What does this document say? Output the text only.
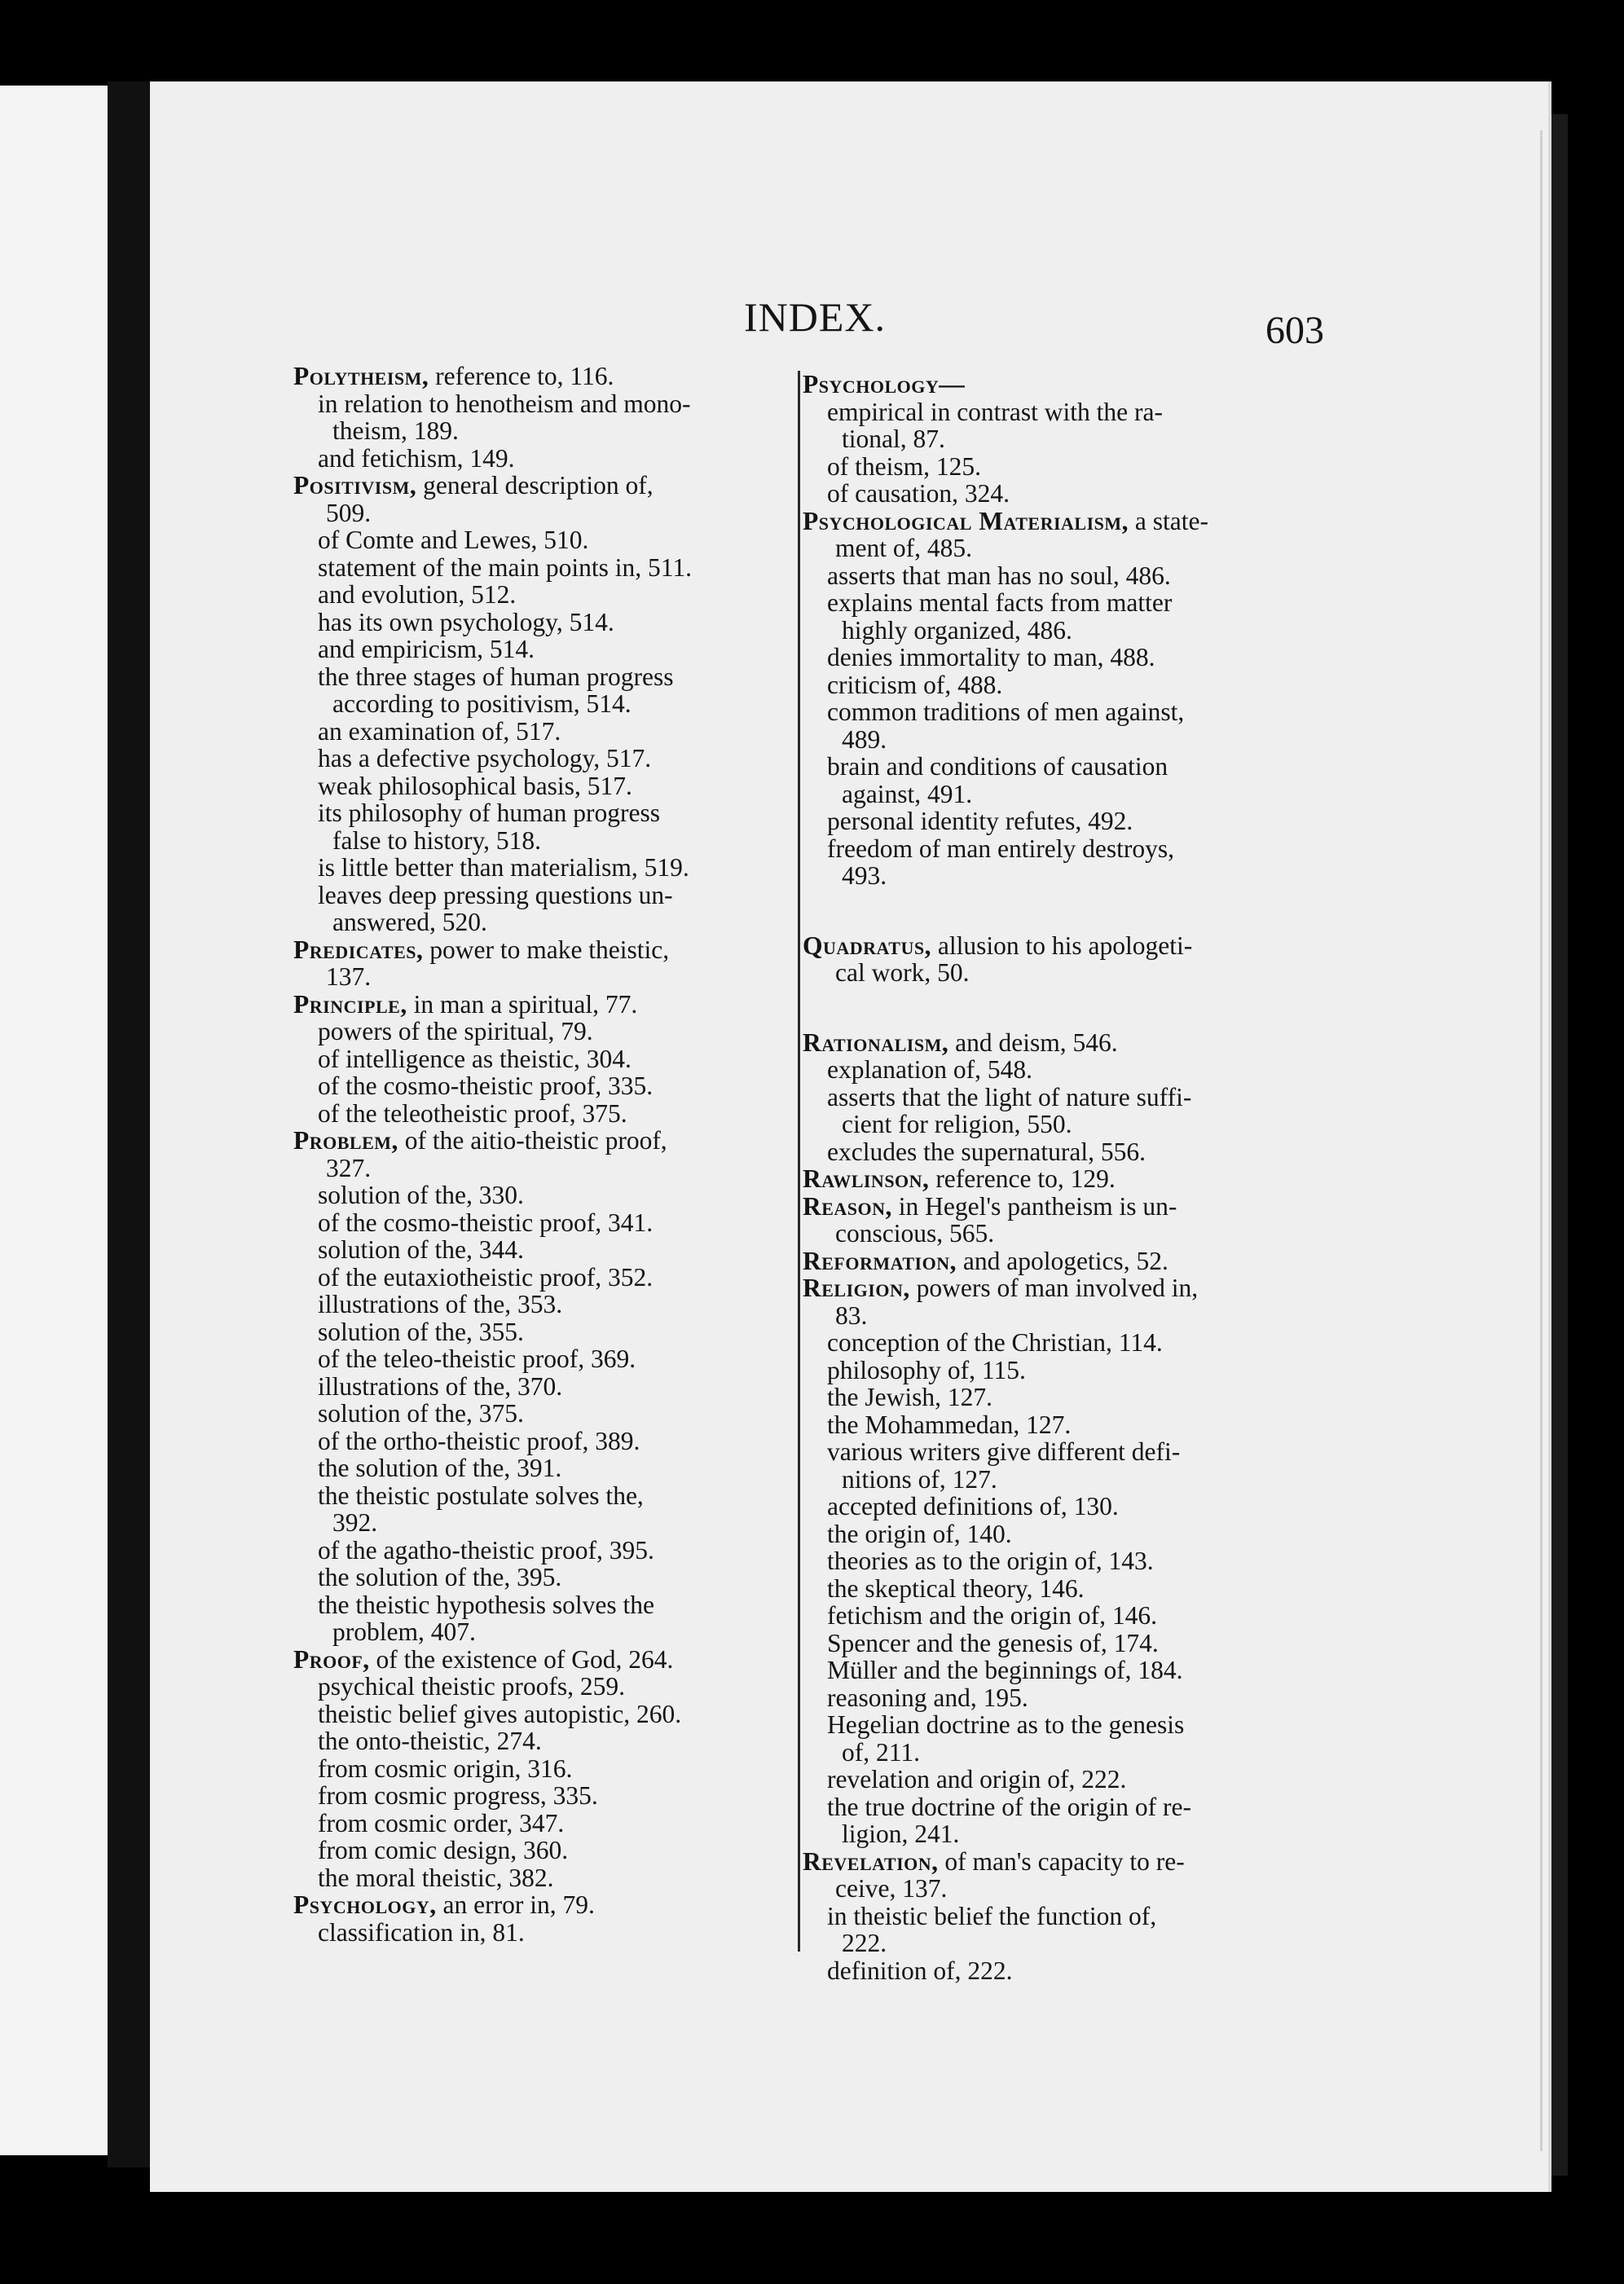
INDEX.	603
Polytheism, reference to, 116.
in relation to henotheism and mono-
theism, 189.
and fetichism, 149.
Positivism, general description of,
509.
of Comte and Lewes, 510.
statement of the main points in, 511.
and evolution, 512.
has its own psychology, 514.
and empiricism, 514.
the three stages of human progress
according to positivism, 514.
an examination of, 517.
has a defective psychology, 517.
weak philosophical basis, 517.
its philosophy of human progress
false to history, 518.
is little better than materialism, 519.
leaves deep pressing questions un-
answered, 520.
Predicates, power to make theistic,
137.
Principle, in man a spiritual, 77.
powers of the spiritual, 79.
of intelligence as theistic, 304.
of the cosmo-theistic proof, 335.
of the teleotheistic proof, 375.
Problem, of the aitio-theistic proof,
327.
solution of the, 330.
of the cosmo-theistic proof, 341.
solution of the, 344.
of the eutaxiotheistic proof, 352.
illustrations of the, 353.
solution of the, 355.
of the teleo-theistic proof, 369.
illustrations of the, 370.
solution of the, 375.
of the ortho-theistic proof, 389.
the solution of the, 391.
the theistic postulate solves the,
392.
of the agatho-theistic proof, 395.
the solution of the, 395.
the theistic hypothesis solves the
problem, 407.
Proof, of the existence of God, 264.
psychical theistic proofs, 259.
theistic belief gives autopistic, 260.
the onto-theistic, 274.
from cosmic origin, 316.
from cosmic progress, 335.
from cosmic order, 347.
from comic design, 360.
the moral theistic, 382.
Psychology, an error in, 79.
classification in, 81.
Psychology—
empirical in contrast with the ra-
tional, 87.
of theism, 125.
of causation, 324.
Psychological Materialism, a state-
ment of, 485.
asserts that man has no soul, 486.
explains mental facts from matter
highly organized, 486.
denies immortality to man, 488.
criticism of, 488.
common traditions of men against,
489.
brain and conditions of causation
against, 491.
personal identity refutes, 492.
freedom of man entirely destroys,
493.
Quadratus, allusion to his apologeti-
cal work, 50.
Rationalism, and deism, 546.
explanation of, 548.
asserts that the light of nature suffi-
cient for religion, 550.
excludes the supernatural, 556.
Rawlinson, reference to, 129.
Reason, in Hegel's pantheism is un-
conscious, 565.
Reformation, and apologetics, 52.
Religion, powers of man involved in,
83.
conception of the Christian, 114.
philosophy of, 115.
the Jewish, 127.
the Mohammedan, 127.
various writers give different defi-
nitions of, 127.
accepted definitions of, 130.
the origin of, 140.
theories as to the origin of, 143.
the skeptical theory, 146.
fetichism and the origin of, 146.
Spencer and the genesis of, 174.
Müller and the beginnings of, 184.
reasoning and, 195.
Hegelian doctrine as to the genesis
of, 211.
revelation and origin of, 222.
the true doctrine of the origin of re-
ligion, 241.
Revelation, of man's capacity to re-
ceive, 137.
in theistic belief the function of,
222.
definition of, 222.
